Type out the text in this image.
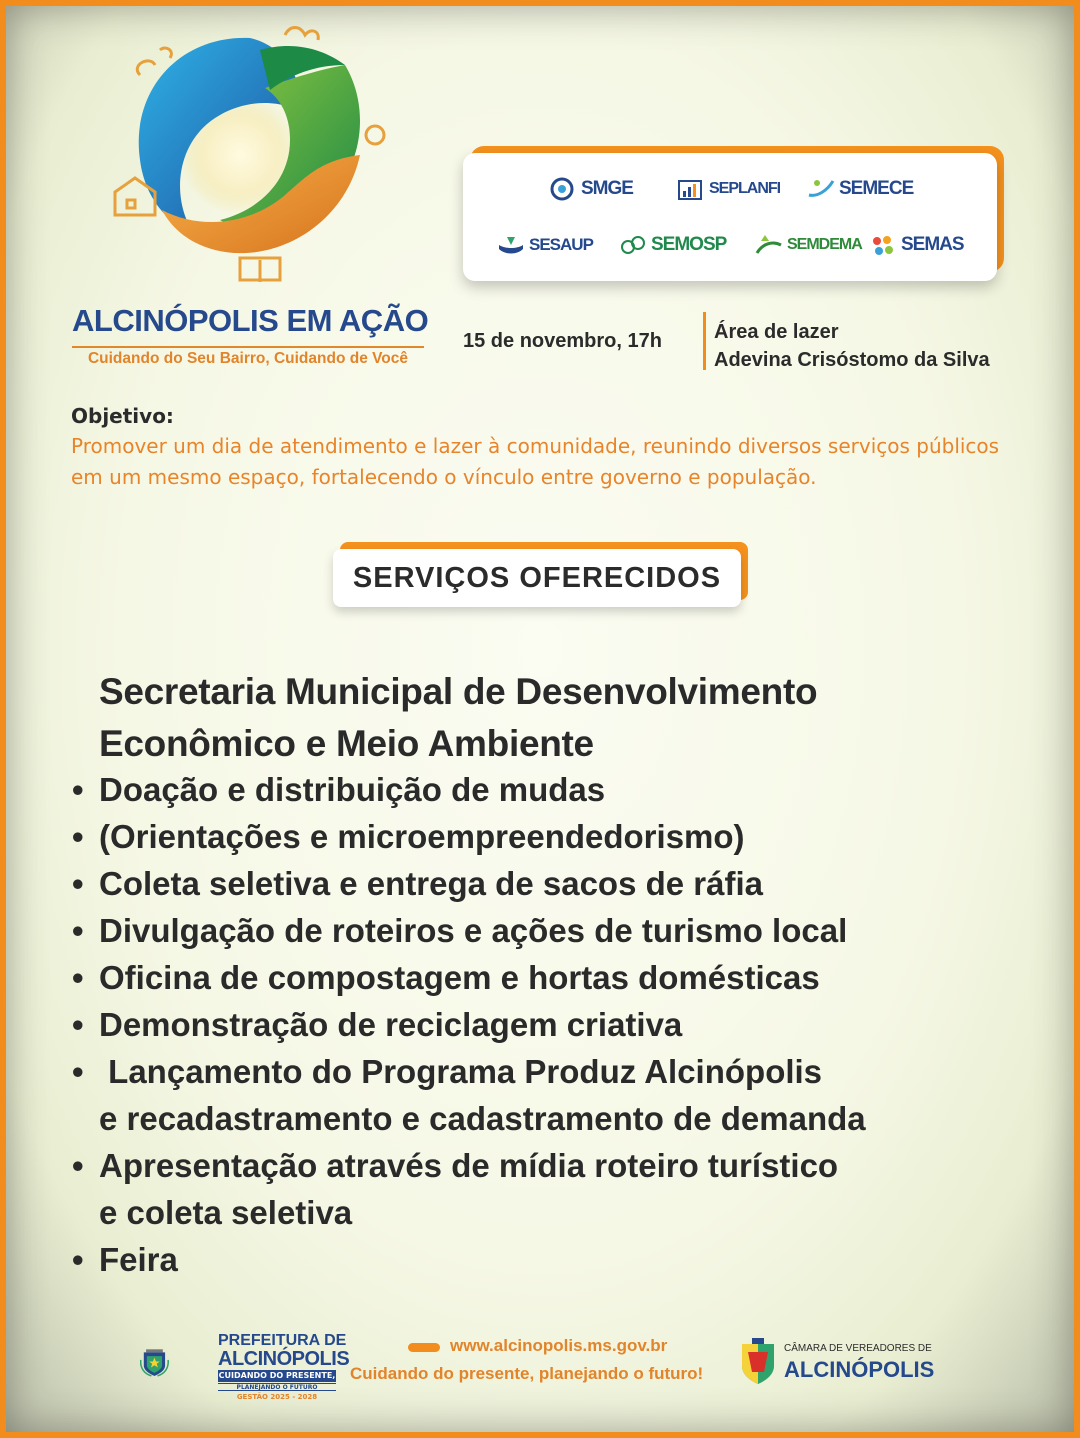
ALCINÓPOLIS EM AÇÃO
Cuidando do Seu Bairro, Cuidando de Você
SMGE	SEPLANFI	SEMECE
SESAUP	SEMOSP	SEMDEMA SEMAS
15 de novembro, 17h	Área de lazer
Adevina Crisóstomo da Silva
Objetivo:
Promover um dia de atendimento e lazer à comunidade, reunindo diversos serviços públicos em um mesmo espaço, fortalecendo o vínculo entre governo e população.
SERVIÇOS OFERECIDOS
Secretaria Municipal de Desenvolvimento Econômico e Meio Ambiente
• Doação e distribuição de mudas
• (Orientações e microempreendedorismo)
• Coleta seletiva e entrega de sacos de ráfia
• Divulgação de roteiros e ações de turismo local
• Oficina de compostagem e hortas domésticas
• Demonstração de reciclagem criativa
•  Lançamento do Programa Produz Alcinópolis
e recadastramento e cadastramento de demanda
• Apresentação através de mídia roteiro turístico
e coleta seletiva
• Feira
PREFEITURA DE
ALCINÓPOLIS
CUIDANDO DO PRESENTE,
PLANEJANDO O FUTURO
GESTÃO 2025 - 2028
www.alcinopolis.ms.gov.br
Cuidando do presente, planejando o futuro!
CÂMARA DE VEREADORES DE
ALCINÓPOLIS
